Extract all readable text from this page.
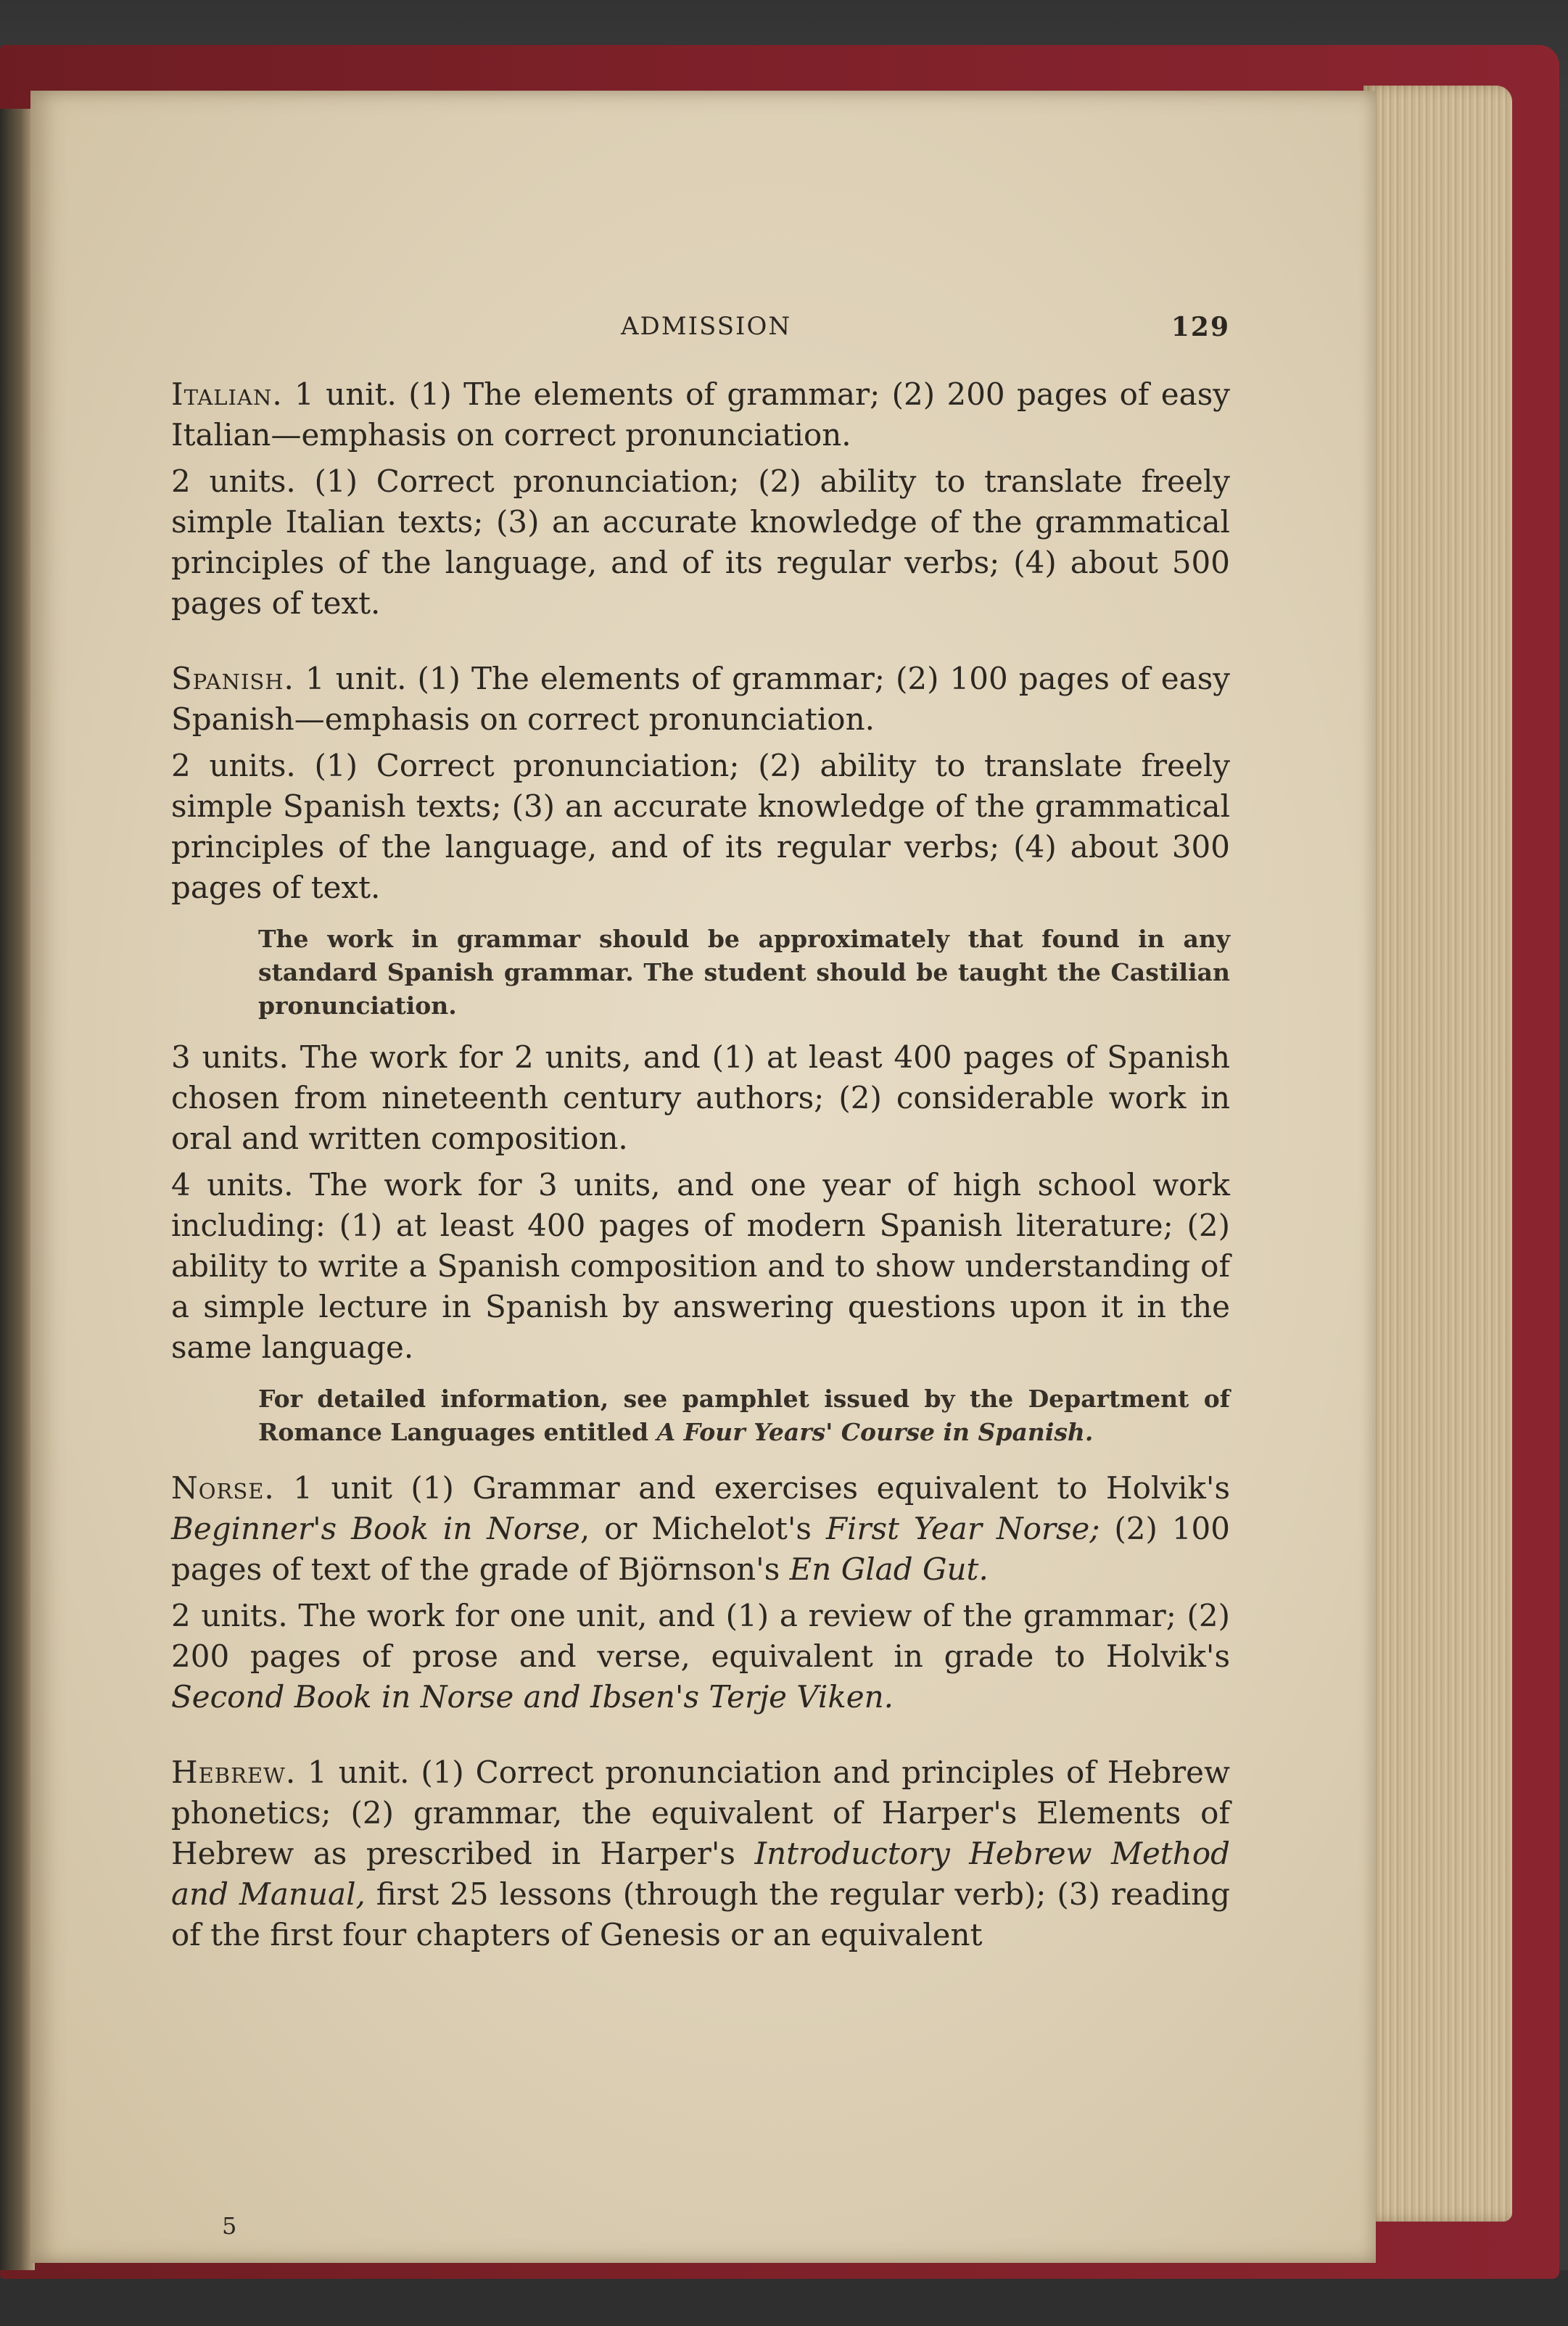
ADMISSION	129

Italian. 1 unit. (1) The elements of grammar; (2) 200 pages of easy Italian—emphasis on correct pronunciation.

2 units. (1) Correct pronunciation; (2) ability to translate freely simple Italian texts; (3) an accurate knowledge of the grammatical principles of the language, and of its regular verbs; (4) about 500 pages of text.

Spanish. 1 unit. (1) The elements of grammar; (2) 100 pages of easy Spanish—emphasis on correct pronunciation.

2 units. (1) Correct pronunciation; (2) ability to translate freely simple Spanish texts; (3) an accurate knowledge of the grammatical principles of the language, and of its regular verbs; (4) about 300 pages of text.

The work in grammar should be approximately that found in any standard Spanish grammar. The student should be taught the Castilian pronunciation.

3 units. The work for 2 units, and (1) at least 400 pages of Spanish chosen from nineteenth century authors; (2) considerable work in oral and written composition.

4 units. The work for 3 units, and one year of high school work including: (1) at least 400 pages of modern Spanish literature; (2) ability to write a Spanish composition and to show understanding of a simple lecture in Spanish by answering questions upon it in the same language.

For detailed information, see pamphlet issued by the Department of Romance Languages entitled A Four Years' Course in Spanish.

Norse. 1 unit (1) Grammar and exercises equivalent to Holvik's Beginner's Book in Norse, or Michelot's First Year Norse; (2) 100 pages of text of the grade of Björnson's En Glad Gut.

2 units. The work for one unit, and (1) a review of the grammar; (2) 200 pages of prose and verse, equivalent in grade to Holvik's Second Book in Norse and Ibsen's Terje Viken.

Hebrew. 1 unit. (1) Correct pronunciation and principles of Hebrew phonetics; (2) grammar, the equivalent of Harper's Elements of Hebrew as prescribed in Harper's Introductory Hebrew Method and Manual, first 25 lessons (through the regular verb); (3) reading of the first four chapters of Genesis or an equivalent

5
